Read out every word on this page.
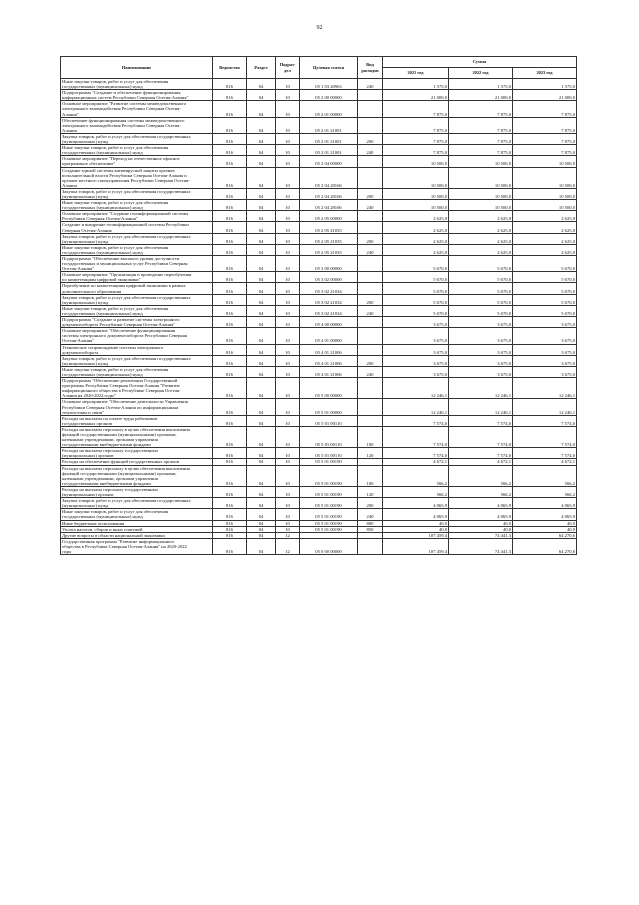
92
Наименование	Ведомство	Раздел	Подраз-дел	Целевая статья	Вид расходов	Сумма		
						2021 год	2022 год	2023 год
Иные закупки товаров, работ и услуг для обеспечения
государственных (муниципальных) нужд	816	04	10	05 1 03 20963	240	1 575,0	1 575,0	1 575,0
Подпрограмма "Создание и обеспечение функционирования
информационных систем Республики Северная Осетия-Алания"	816	04	10	05 2 00 00000		21 000,0	21 000,0	21 000,0
Основное мероприятие "Развитие системы межведомственного
электронного взаимодействия Республики Северная Осетия-
Алания"	816	04	10	05 2 01 00000		7 875,0	7 875,0	7 875,0
Обеспечение функционирования системы межведомственного
электронного взаимодействия Республики Северная Осетия-
Алания	816	04	10	05 2 01 21001		7 875,0	7 875,0	7 875,0
Закупка товаров, работ и услуг для обеспечения государственных
(муниципальных) нужд	816	04	10	05 2 01 21001	200	7 875,0	7 875,0	7 875,0
Иные закупки товаров, работ и услуг для обеспечения
государственных (муниципальных) нужд	816	04	10	05 2 01 21001	240	7 875,0	7 875,0	7 875,0
Основное мероприятие "Переход на отечественное офисное
программное обеспечение"	816	04	10	05 2 04 00000		10 500,0	10 500,0	10 500,0
Создание единой системы антивирусной защиты органов
исполнительной власти Республики Северная Осетия-Алания и
органов местного самоуправления Республики Северная Осетия-
Алания	816	04	10	05 2 04 28166		10 500,0	10 500,0	10 500,0
Закупка товаров, работ и услуг для обеспечения государственных
(муниципальных) нужд	816	04	10	05 2 04 28166	200	10 500,0	10 500,0	10 500,0
Иные закупки товаров, работ и услуг для обеспечения
государственных (муниципальных) нужд	816	04	10	05 2 04 28166	240	10 500,0	10 500,0	10 500,0
Основное мероприятие "Создание геоинформационной системы
Республики Северная Осетия-Алания"	816	04	10	05 2 05 00000		2 625,0	2 625,0	2 625,0
Создание и внедрение геоинформационной системы Республики
Северная Осетия-Алания	816	04	10	05 2 05 21035		2 625,0	2 625,0	2 625,0
Закупка товаров, работ и услуг для обеспечения государственных
(муниципальных) нужд	816	04	10	05 2 05 21035	200	2 625,0	2 625,0	2 625,0
Иные закупки товаров, работ и услуг для обеспечения
государственных (муниципальных) нужд	816	04	10	05 2 05 21035	240	2 625,0	2 625,0	2 625,0
Подпрограмма "Обеспечение высокого уровня доступности
государственных и муниципальных услуг Республики Северная
Осетия-Алания"	816	04	10	05 3 00 00000		5 670,0	5 670,0	5 670,0
Основное мероприятие "Организация и проведение переобучения
по компетенциям цифровой экономики"	816	04	10	05 3 02 00000		5 670,0	5 670,0	5 670,0
Переобучение по компетенциям цифровой экономики в рамках
дополнительного образования	816	04	10	05 3 02 21034		5 670,0	5 670,0	5 670,0
Закупка товаров, работ и услуг для обеспечения государственных
(муниципальных) нужд	816	04	10	05 3 02 21034	200	5 670,0	5 670,0	5 670,0
Иные закупки товаров, работ и услуг для обеспечения
государственных (муниципальных) нужд	816	04	10	05 3 02 21034	240	5 670,0	5 670,0	5 670,0
Подпрограмма "Создание и развитие системы электронного
документооборота Республики Северная Осетия-Алания"	816	04	10	05 4 00 00000		3 675,0	3 675,0	3 675,0
Основное мероприятие "Обеспечение функционирования
системы электронного документооборота Республики Северная
Осетия-Алания"	816	04	10	05 4 01 00000		3 675,0	3 675,0	3 675,0
Техническое сопровождение системы электронного
документооборота	816	04	10	05 4 01 21006		3 675,0	3 675,0	3 675,0
Закупка товаров, работ и услуг для обеспечения государственных
(муниципальных) нужд	816	04	10	05 4 01 21006	200	3 675,0	3 675,0	3 675,0
Иные закупки товаров, работ и услуг для обеспечения
государственных (муниципальных) нужд	816	04	10	05 4 01 21006	240	3 675,0	3 675,0	3 675,0
Подпрограмма "Обеспечение реализации Государственной
программы Республики Северная Осетия-Алания "Развитие
информационного общества в Республике Северная Осетия-
Алания на 2020-2022 годы"	816	04	10	05 5 00 00000		12 246,1	12 246,1	12 246,1
Основное мероприятие "Обеспечение деятельности Управления
Республики Северная Осетия-Алания по информационным
технологиям и связи"	816	04	10	05 5 01 00000		12 246,1	12 246,1	12 246,1
Расходы на выплаты по оплате труда работников
государственных органов	816	04	10	05 5 01 00110		7 574,0	7 574,0	7 574,0
Расходы на выплаты персоналу в целях обеспечения выполнения
функций государственными (муниципальными) органами,
казенными учреждениями, органами управления
государственными внебюджетными фондами	816	04	10	05 5 01 00110	100	7 574,0	7 574,0	7 574,0
Расходы на выплаты персоналу государственных
(муниципальных) органов	816	04	10	05 5 01 00110	120	7 574,0	7 574,0	7 574,0
Расходы на обеспечение функций государственных органов	816	04	10	05 5 01 00190		4 672,1	4 672,1	4 672,1
Расходы на выплаты персоналу в целях обеспечения выполнения
функций государственными (муниципальными) органами,
казенными учреждениями, органами управления
государственными внебюджетными фондами	816	04	10	05 5 01 00190	100	566,2	566,2	566,2
Расходы на выплаты персоналу государственных
(муниципальных) органов	816	04	10	05 5 01 00190	120	566,2	566,2	566,2
Закупка товаров, работ и услуг для обеспечения государственных
(муниципальных) нужд	816	04	10	05 5 01 00190	200	4 065,9	4 065,9	4 065,9
Иные закупки товаров, работ и услуг для обеспечения
государственных (муниципальных) нужд	816	04	10	05 5 01 00190	240	4 065,9	4 065,9	4 065,9
Иные бюджетные ассигнования	816	04	10	05 5 01 00190	800	40,0	40,0	40,0
Уплата налогов, сборов и иных платежей	816	04	10	05 5 01 00190	850	40,0	40,0	40,0
Другие вопросы в области национальной экономики	816	04	12			107 459,4	74 441,3	64 270,6
Государственная программа "Развитие информационного
общества в Республике Северная Осетия-Алания" на 2020-2022
годы	816	04	12	05 0 00 00000		107 459,4	74 441,3	64 270,6
